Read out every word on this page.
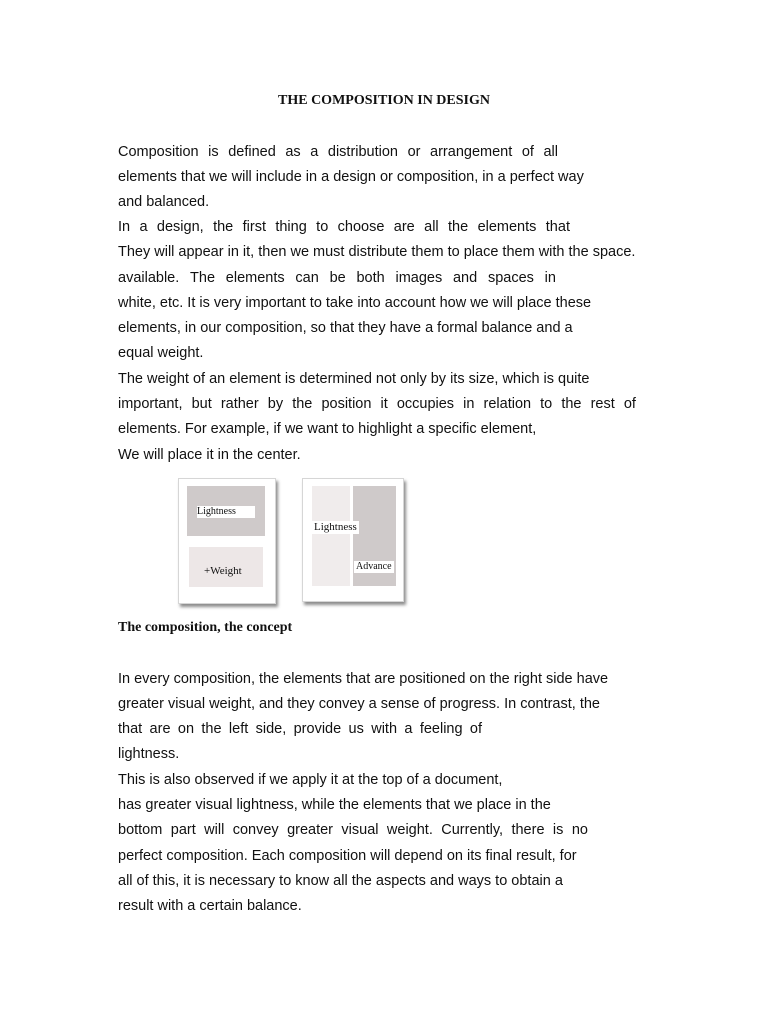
THE COMPOSITION IN DESIGN
Composition is defined as a distribution or arrangement of all
elements that we will include in a design or composition, in a perfect way
and balanced.
In a design, the first thing to choose are all the elements that
They will appear in it, then we must distribute them to place them with the space.
available. The elements can be both images and spaces in
white, etc. It is very important to take into account how we will place these
elements, in our composition, so that they have a formal balance and a
equal weight.
The weight of an element is determined not only by its size, which is quite
important, but rather by the position it occupies in relation to the rest of
elements. For example, if we want to highlight a specific element,
We will place it in the center.
Lightness
+Weight
Lightness
Advance
The composition, the concept
In every composition, the elements that are positioned on the right side have
greater visual weight, and they convey a sense of progress. In contrast, the
that are on the left side, provide us with a feeling of
lightness.
This is also observed if we apply it at the top of a document,
has greater visual lightness, while the elements that we place in the
bottom part will convey greater visual weight. Currently, there is no
perfect composition. Each composition will depend on its final result, for
all of this, it is necessary to know all the aspects and ways to obtain a
result with a certain balance.
